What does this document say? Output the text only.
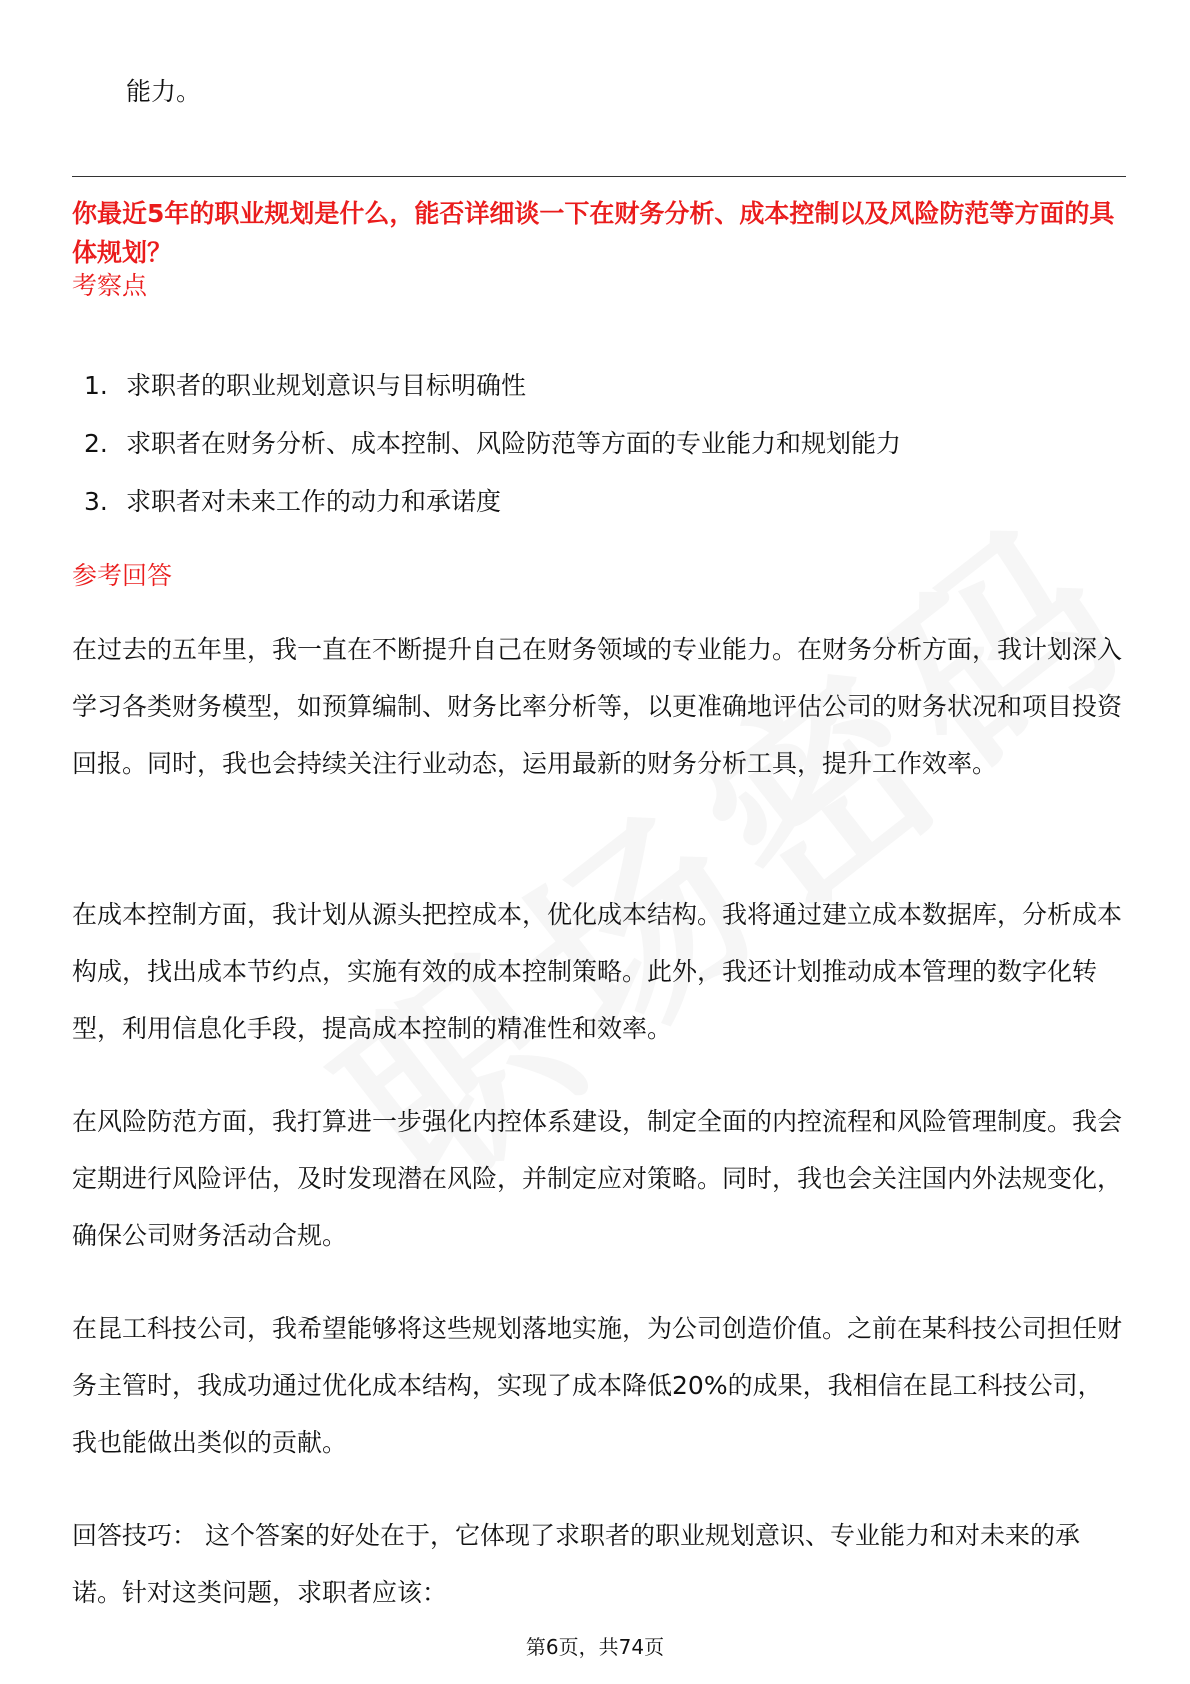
能力。
你最近5年的职业规划是什么，能否详细谈一下在财务分析、成本控制以及风险防范等方面的具体规划？
考察点
1. 求职者的职业规划意识与目标明确性
2. 求职者在财务分析、成本控制、风险防范等方面的专业能力和规划能力
3. 求职者对未来工作的动力和承诺度
参考回答

在过去的五年里，我一直在不断提升自己在财务领域的专业能力。在财务分析方面，我计划深入学习各类财务模型，如预算编制、财务比率分析等，以更准确地评估公司的财务状况和项目投资回报。同时，我也会持续关注行业动态，运用最新的财务分析工具，提升工作效率。

在成本控制方面，我计划从源头把控成本，优化成本结构。我将通过建立成本数据库，分析成本构成，找出成本节约点，实施有效的成本控制策略。此外，我还计划推动成本管理的数字化转型，利用信息化手段，提高成本控制的精准性和效率。

在风险防范方面，我打算进一步强化内控体系建设，制定全面的内控流程和风险管理制度。我会定期进行风险评估，及时发现潜在风险，并制定应对策略。同时，我也会关注国内外法规变化，确保公司财务活动合规。

在昆工科技公司，我希望能够将这些规划落地实施，为公司创造价值。之前在某科技公司担任财务主管时，我成功通过优化成本结构，实现了成本降低20%的成果，我相信在昆工科技公司，我也能做出类似的贡献。

回答技巧： 这个答案的好处在于，它体现了求职者的职业规划意识、专业能力和对未来的承诺。针对这类问题，求职者应该：

第6页，共74页
